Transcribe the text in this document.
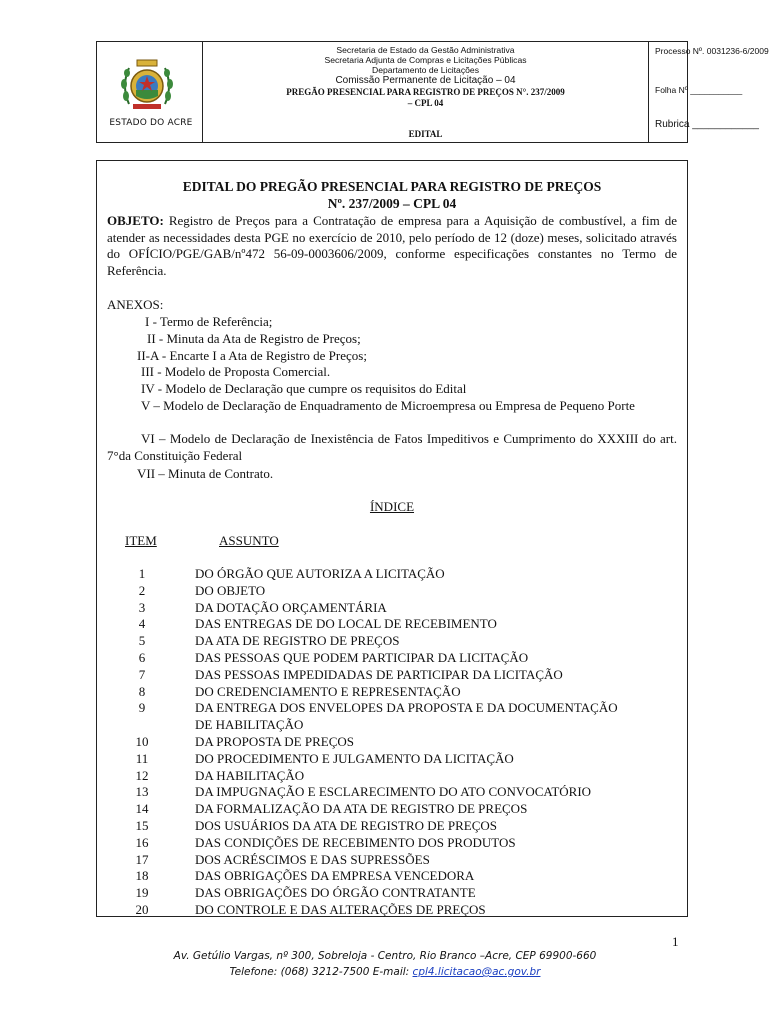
ESTADO DO ACRE
Secretaria de Estado da Gestão Administrativa
Secretaria Adjunta de Compras e Licitações Públicas
Departamento de Licitações
Comissão Permanente de Licitação – 04
PREGÃO PRESENCIAL PARA REGISTRO DE PREÇOS N°. 237/2009
– CPL 04
EDITAL
Processo Nº. 0031236-6/2009
Folha Nº ___________
Rubrica ____________
EDITAL DO PREGÃO PRESENCIAL PARA REGISTRO DE PREÇOS
Nº. 237/2009 – CPL 04
OBJETO: Registro de Preços para a Contratação de empresa para a Aquisição de combustível, a fim de atender as necessidades desta PGE no exercício de 2010, pelo período de 12 (doze) meses, solicitado através do OFÍCIO/PGE/GAB/nº472 56-09-0003606/2009, conforme especificações constantes no Termo de Referência.
ANEXOS:
I - Termo de Referência;
II - Minuta da Ata de Registro de Preços;
II-A - Encarte I a Ata de Registro de Preços;
III - Modelo de Proposta Comercial.
IV - Modelo de Declaração que cumpre os requisitos do Edital
V – Modelo de Declaração de Enquadramento de Microempresa ou Empresa de Pequeno Porte
VI – Modelo de Declaração de Inexistência de Fatos Impeditivos e Cumprimento do XXXIII do art. 7°da Constituição Federal
VII – Minuta de Contrato.
ÍNDICE
ITEM	ASSUNTO
1	DO ÓRGÃO QUE AUTORIZA A LICITAÇÃO
2	DO OBJETO
3	DA DOTAÇÃO ORÇAMENTÁRIA
4	DAS ENTREGAS DE DO LOCAL DE RECEBIMENTO
5	DA ATA DE REGISTRO DE PREÇOS
6	DAS PESSOAS QUE PODEM PARTICIPAR DA LICITAÇÃO
7	DAS PESSOAS IMPEDIDADAS DE PARTICIPAR DA LICITAÇÃO
8	DO CREDENCIAMENTO E REPRESENTAÇÃO
9	DA ENTREGA DOS ENVELOPES DA PROPOSTA E DA DOCUMENTAÇÃO
DE HABILITAÇÃO
10	DA PROPOSTA DE PREÇOS
11	DO PROCEDIMENTO E JULGAMENTO DA LICITAÇÃO
12	DA HABILITAÇÃO
13	DA IMPUGNAÇÃO E ESCLARECIMENTO DO ATO CONVOCATÓRIO
14	DA FORMALIZAÇÃO DA ATA DE REGISTRO DE PREÇOS
15	DOS USUÁRIOS DA ATA DE REGISTRO DE PREÇOS
16	DAS CONDIÇÕES DE RECEBIMENTO DOS PRODUTOS
17	DOS ACRÉSCIMOS E DAS SUPRESSÕES
18	DAS OBRIGAÇÕES DA EMPRESA VENCEDORA
19	DAS OBRIGAÇÕES DO ÓRGÃO CONTRATANTE
20	DO CONTROLE E DAS ALTERAÇÕES DE PREÇOS
1
Av. Getúlio Vargas, nº 300, Sobreloja - Centro, Rio Branco –Acre, CEP 69900-660
Telefone: (068) 3212-7500 E-mail: cpl4.licitacao@ac.gov.br
